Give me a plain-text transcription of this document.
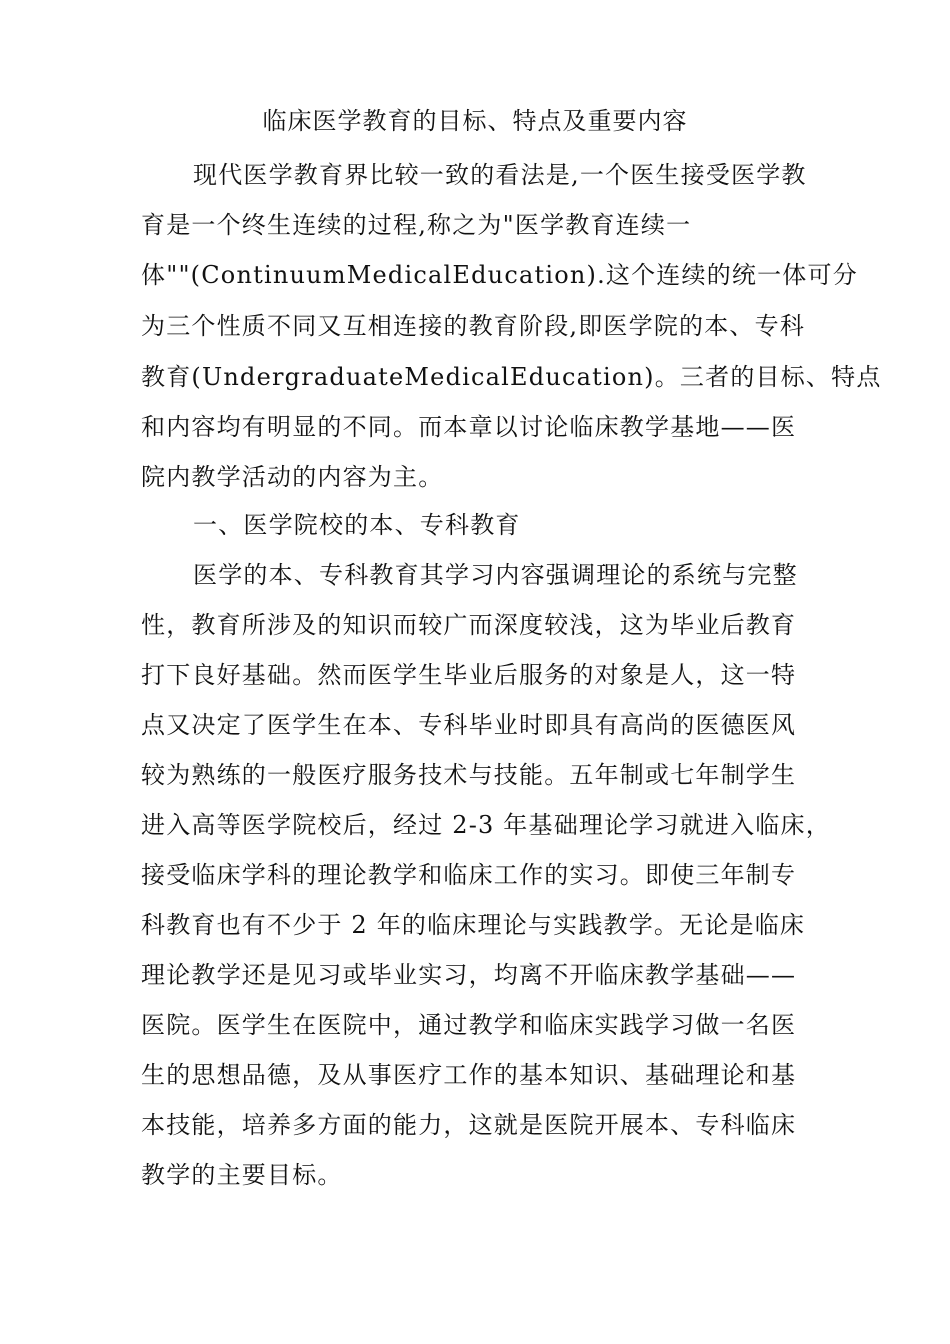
临床医学教育的目标、特点及重要内容

现代医学教育界比较一致的看法是,一个医生接受医学教

育是一个终生连续的过程,称之为"医学教育连续一

体""(ContinuumMedicalEducation).这个连续的统一体可分

为三个性质不同又互相连接的教育阶段,即医学院的本、专科

教育(UndergraduateMedicalEducation)。三者的目标、特点

和内容均有明显的不同。而本章以讨论临床教学基地——医

院内教学活动的内容为主。

一、医学院校的本、专科教育

医学的本、专科教育其学习内容强调理论的系统与完整

性，教育所涉及的知识而较广而深度较浅，这为毕业后教育

打下良好基础。然而医学生毕业后服务的对象是人，这一特

点又决定了医学生在本、专科毕业时即具有高尚的医德医风

较为熟练的一般医疗服务技术与技能。五年制或七年制学生

进入高等医学院校后，经过 2-3 年基础理论学习就进入临床，

接受临床学科的理论教学和临床工作的实习。即使三年制专

科教育也有不少于 2 年的临床理论与实践教学。无论是临床

理论教学还是见习或毕业实习，均离不开临床教学基础——

医院。医学生在医院中，通过教学和临床实践学习做一名医

生的思想品德，及从事医疗工作的基本知识、基础理论和基

本技能，培养多方面的能力，这就是医院开展本、专科临床

教学的主要目标。
